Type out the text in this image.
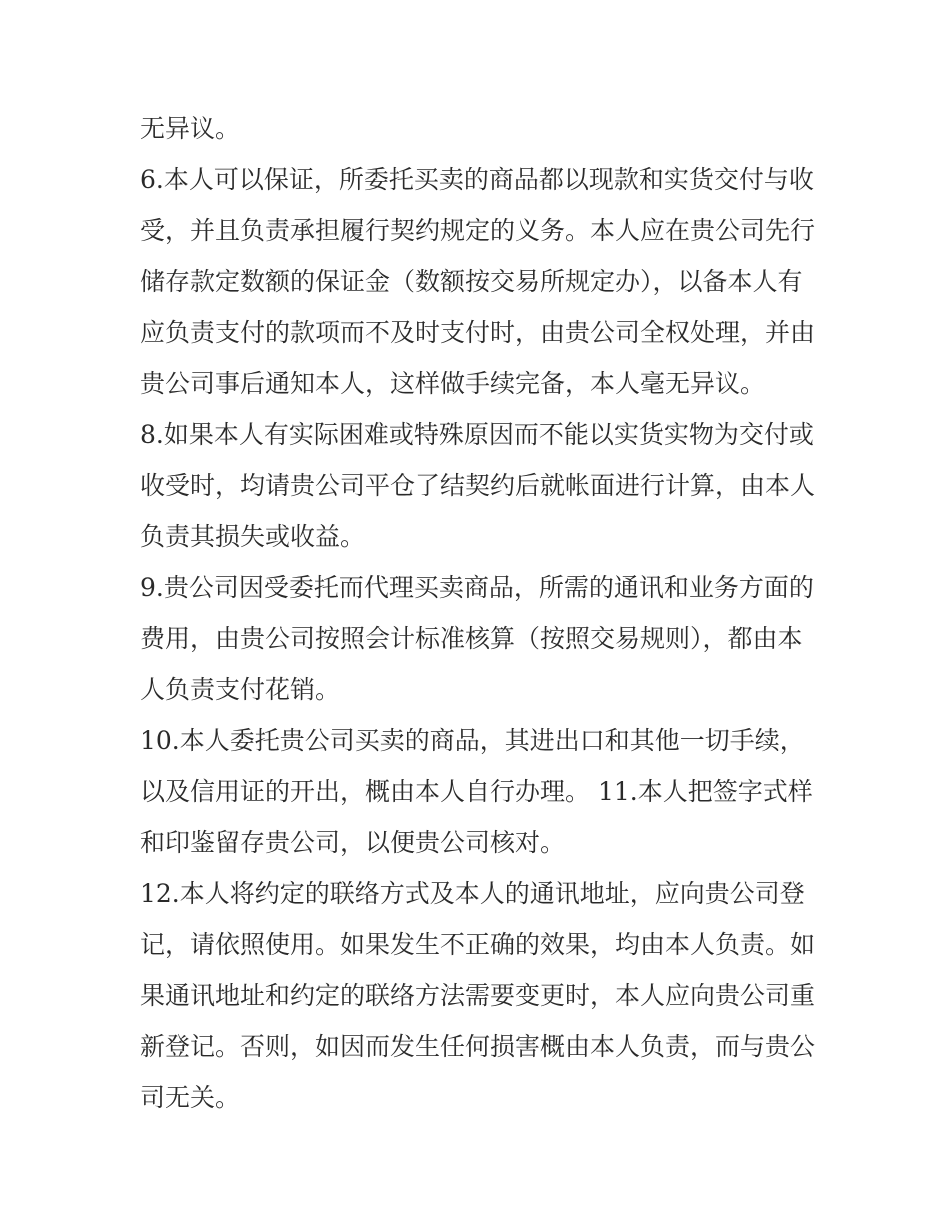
无异议。
6.本人可以保证，所委托买卖的商品都以现款和实货交付与收
受，并且负责承担履行契约规定的义务。本人应在贵公司先行
储存款定数额的保证金（数额按交易所规定办），以备本人有
应负责支付的款项而不及时支付时，由贵公司全权处理，并由
贵公司事后通知本人，这样做手续完备，本人毫无异议。
8.如果本人有实际困难或特殊原因而不能以实货实物为交付或
收受时，均请贵公司平仓了结契约后就帐面进行计算，由本人
负责其损失或收益。
9.贵公司因受委托而代理买卖商品，所需的通讯和业务方面的
费用，由贵公司按照会计标准核算（按照交易规则），都由本
人负责支付花销。
10.本人委托贵公司买卖的商品，其进出口和其他一切手续，
以及信用证的开出，概由本人自行办理。 11.本人把签字式样
和印鉴留存贵公司，以便贵公司核对。
12.本人将约定的联络方式及本人的通讯地址，应向贵公司登
记，请依照使用。如果发生不正确的效果，均由本人负责。如
果通讯地址和约定的联络方法需要变更时，本人应向贵公司重
新登记。否则，如因而发生任何损害概由本人负责，而与贵公
司无关。
